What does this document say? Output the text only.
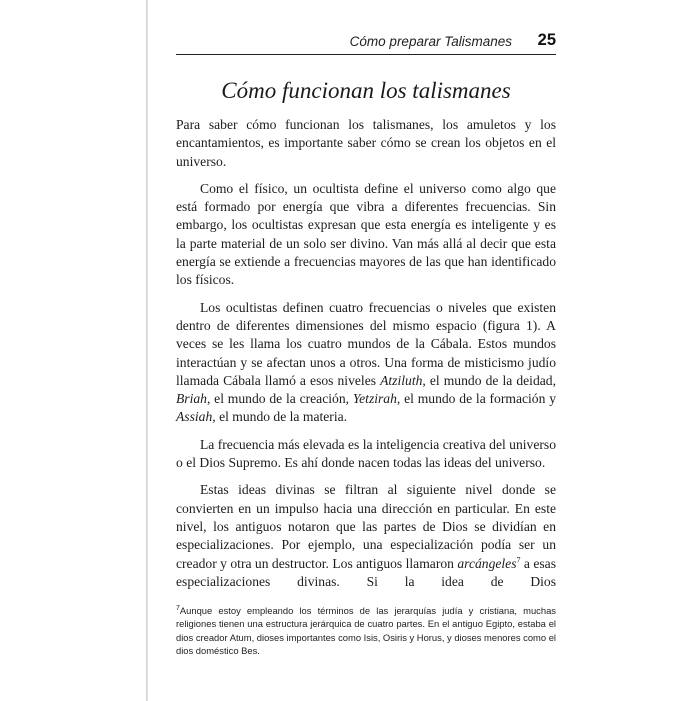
Cómo preparar Talismanes 25
Cómo funcionan los talismanes

Para saber cómo funcionan los talismanes, los amuletos y los encantamientos, es importante saber cómo se crean los objetos en el universo.

Como el físico, un ocultista define el universo como algo que está formado por energía que vibra a diferentes frecuencias. Sin embargo, los ocultistas expresan que esta energía es inteligente y es la parte material de un solo ser divino. Van más allá al decir que esta energía se extiende a frecuencias mayores de las que han identificado los físicos.

Los ocultistas definen cuatro frecuencias o niveles que existen dentro de diferentes dimensiones del mismo espacio (figura 1). A veces se les llama los cuatro mundos de la Cábala. Estos mundos interactúan y se afectan unos a otros. Una forma de misticismo judío llamada Cábala llamó a esos niveles Atziluth, el mundo de la deidad, Briah, el mundo de la creación, Yetzirah, el mundo de la formación y Assiah, el mundo de la materia.

La frecuencia más elevada es la inteligencia creativa del universo o el Dios Supremo. Es ahí donde nacen todas las ideas del universo.

Estas ideas divinas se filtran al siguiente nivel donde se convierten en un impulso hacia una dirección en particular. En este nivel, los antiguos notaron que las partes de Dios se dividían en especializaciones. Por ejemplo, una especialización podía ser un creador y otra un destructor. Los antiguos llamaron arcángeles$^7$ a esas especializaciones divinas. Si la idea de Dios

$^7$Aunque estoy empleando los términos de las jerarquías judía y cristiana, muchas religiones tienen una estructura jerárquica de cuatro partes. En el antiguo Egipto, estaba el dios creador Atum, dioses importantes como Isis, Osiris y Horus, y dioses menores como el dios doméstico Bes.
